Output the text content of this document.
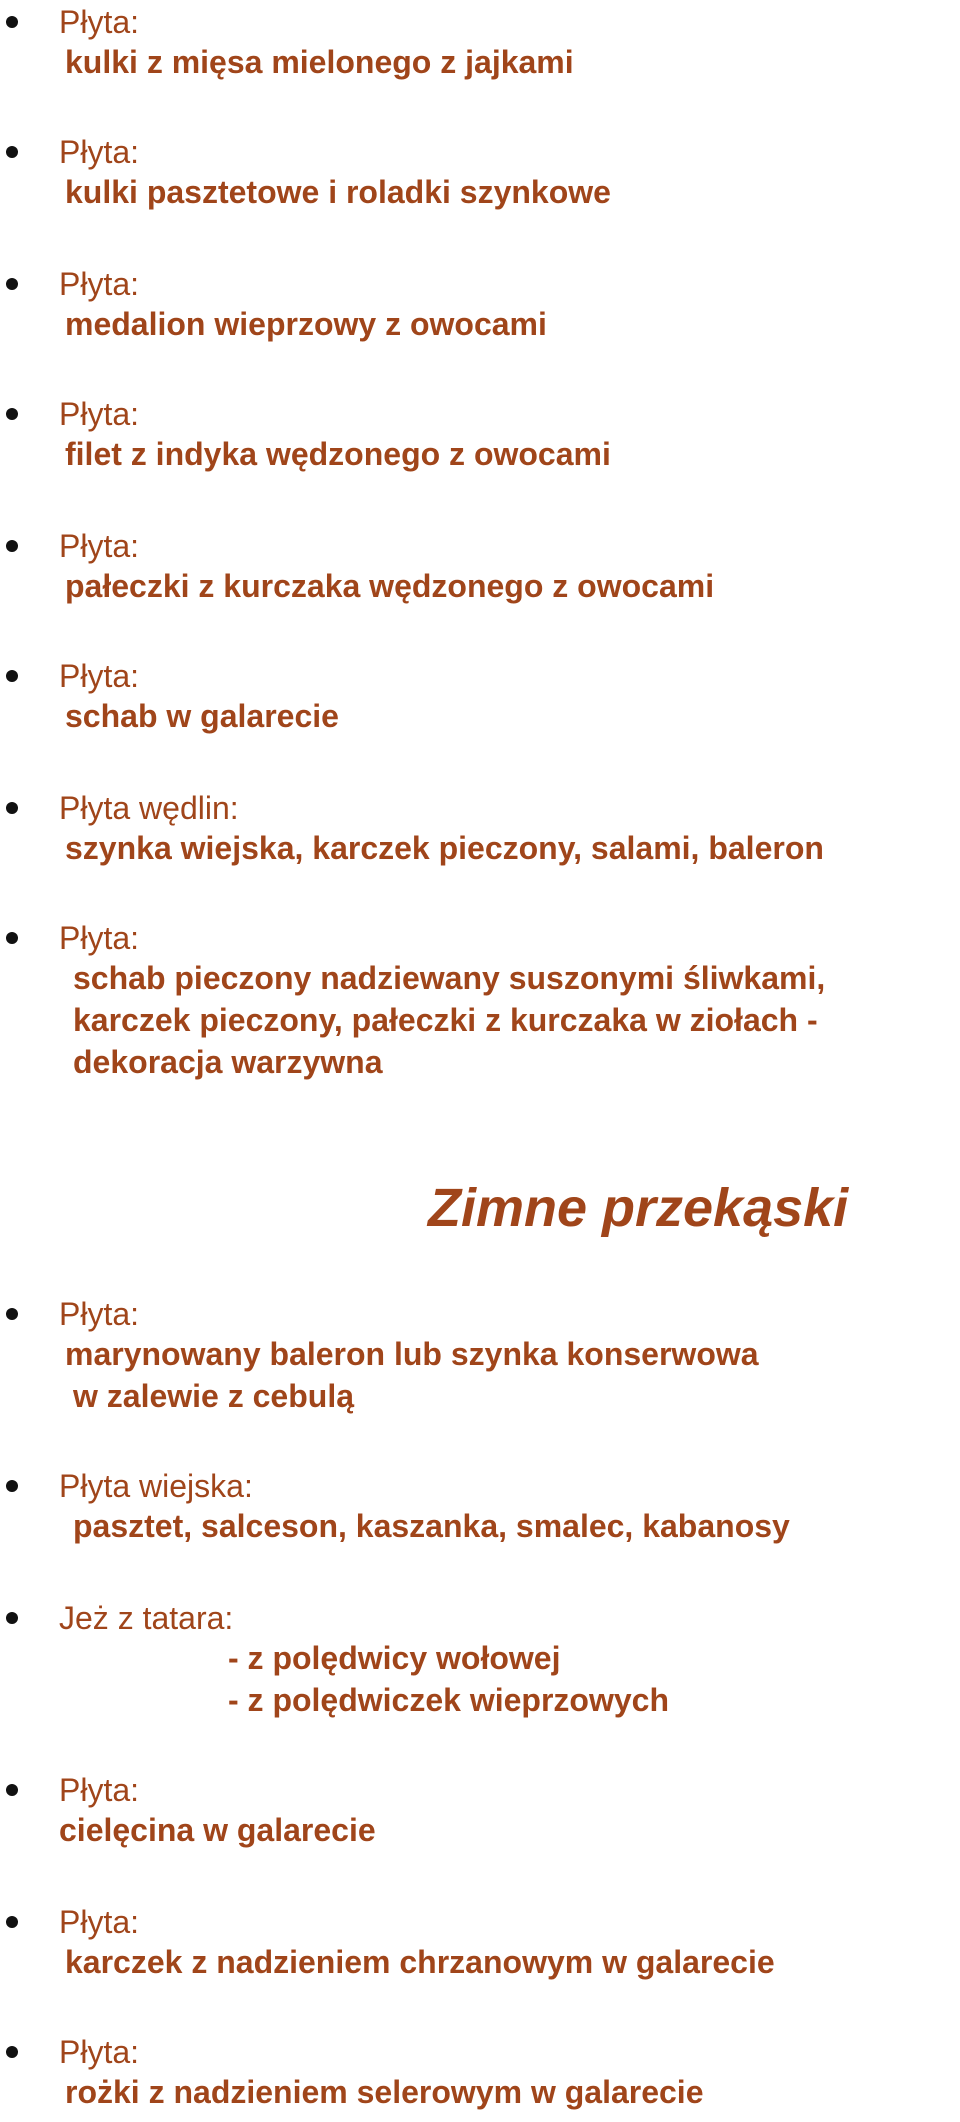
Płyta:
kulki z mięsa mielonego z jajkami
Płyta:
kulki pasztetowe i roladki szynkowe
Płyta:
medalion wieprzowy z owocami
Płyta:
filet z indyka wędzonego z owocami
Płyta:
pałeczki z kurczaka wędzonego z owocami
Płyta:
schab w galarecie
Płyta wędlin:
szynka wiejska, karczek pieczony, salami, baleron
Płyta:
schab pieczony nadziewany suszonymi śliwkami,
karczek pieczony, pałeczki z kurczaka w ziołach -
dekoracja warzywna
Zimne przekąski
Płyta:
marynowany baleron lub szynka konserwowa
w zalewie z cebulą
Płyta wiejska:
pasztet, salceson, kaszanka, smalec, kabanosy
Jeż z tatara:
- z polędwicy wołowej
- z polędwiczek wieprzowych
Płyta:
cielęcina w galarecie
Płyta:
karczek z nadzieniem chrzanowym w galarecie
Płyta:
rożki z nadzieniem selerowym w galarecie
